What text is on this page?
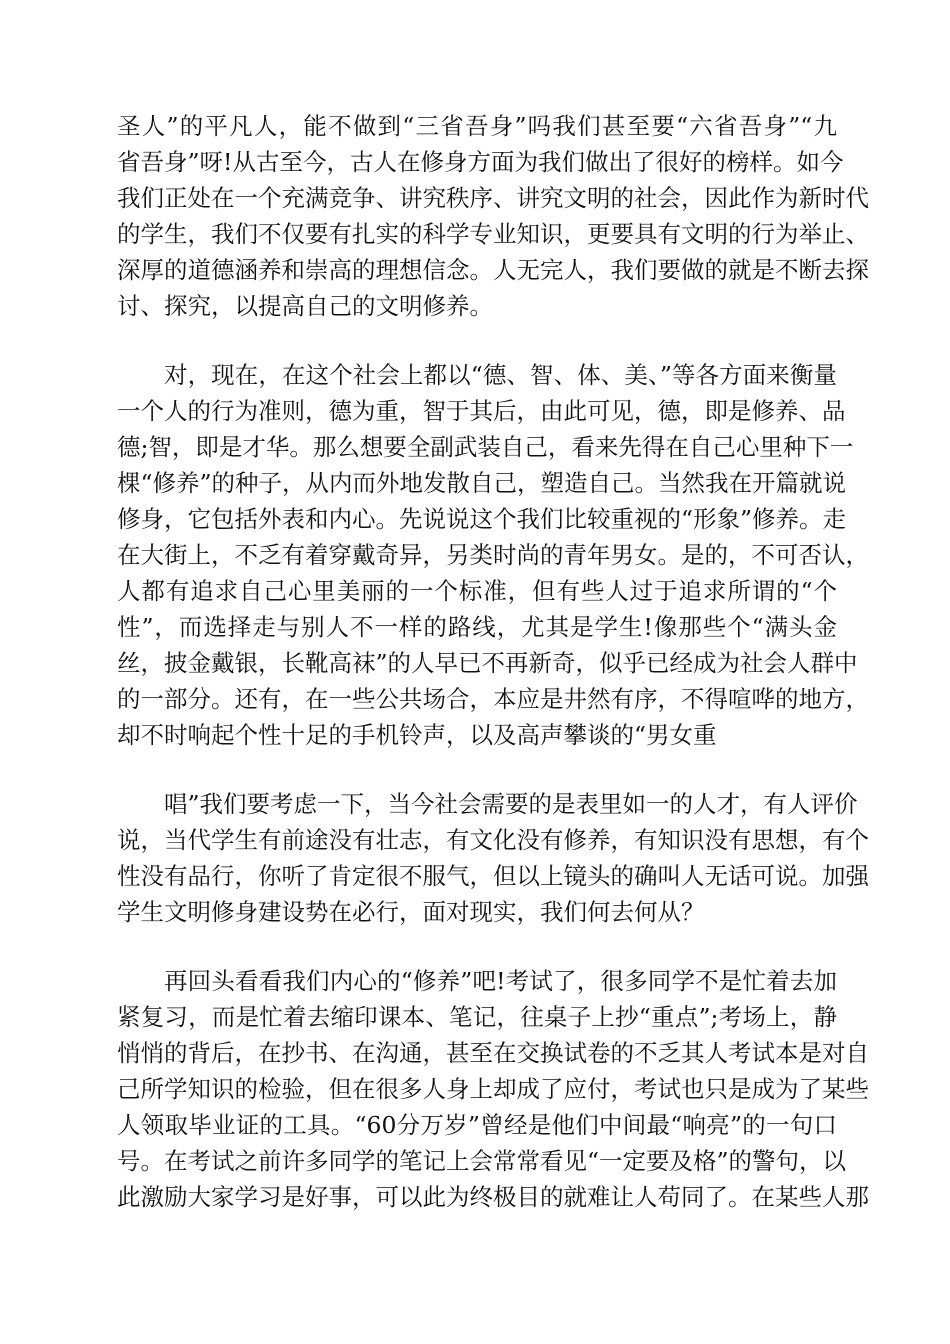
圣人”的平凡人，能不做到“三省吾身”吗我们甚至要“六省吾身”“九
省吾身”呀!从古至今，古人在修身方面为我们做出了很好的榜样。如今
我们正处在一个充满竞争、讲究秩序、讲究文明的社会，因此作为新时代
的学生，我们不仅要有扎实的科学专业知识，更要具有文明的行为举止、
深厚的道德涵养和崇高的理想信念。人无完人，我们要做的就是不断去探
讨、探究，以提高自己的文明修养。
对，现在，在这个社会上都以“德、智、体、美、”等各方面来衡量
一个人的行为准则，德为重，智于其后，由此可见，德，即是修养、品
德;智，即是才华。那么想要全副武装自己，看来先得在自己心里种下一
棵“修养”的种子，从内而外地发散自己，塑造自己。当然我在开篇就说
修身，它包括外表和内心。先说说这个我们比较重视的“形象”修养。走
在大街上，不乏有着穿戴奇异，另类时尚的青年男女。是的，不可否认，
人都有追求自己心里美丽的一个标准，但有些人过于追求所谓的“个
性”，而选择走与别人不一样的路线，尤其是学生!像那些个“满头金
丝，披金戴银，长靴高袜”的人早已不再新奇，似乎已经成为社会人群中
的一部分。还有，在一些公共场合，本应是井然有序，不得喧哗的地方，
却不时响起个性十足的手机铃声，以及高声攀谈的“男女重
唱”我们要考虑一下，当今社会需要的是表里如一的人才，有人评价
说，当代学生有前途没有壮志，有文化没有修养，有知识没有思想，有个
性没有品行，你听了肯定很不服气，但以上镜头的确叫人无话可说。加强
学生文明修身建设势在必行，面对现实，我们何去何从？
再回头看看我们内心的“修养”吧!考试了，很多同学不是忙着去加
紧复习，而是忙着去缩印课本、笔记，往桌子上抄“重点”;考场上，静
悄悄的背后，在抄书、在沟通，甚至在交换试卷的不乏其人考试本是对自
己所学知识的检验，但在很多人身上却成了应付，考试也只是成为了某些
人领取毕业证的工具。“60分万岁”曾经是他们中间最“响亮”的一句口
号。在考试之前许多同学的笔记上会常常看见“一定要及格”的警句，以
此激励大家学习是好事，可以此为终极目的就难让人苟同了。在某些人那
